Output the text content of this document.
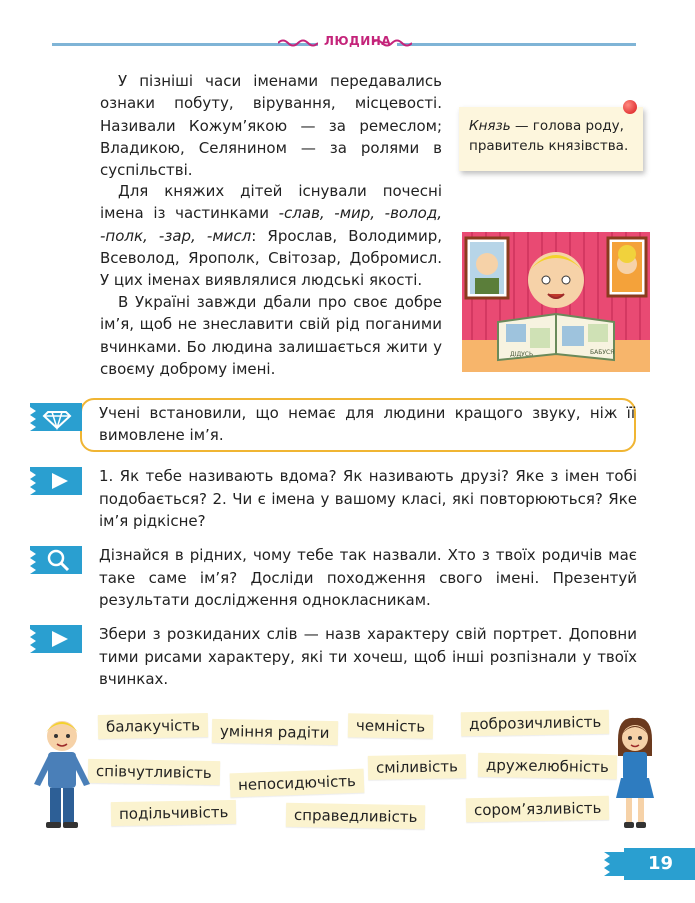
ЛЮДИНА

У пізніші часи іменами передавались ознаки побуту, вірування, місцевості. Називали Кожум’якою — за ремеслом; Владикою, Селянином — за ролями в суспільстві.

Для княжих дітей існували почесні імена із частинками -слав, -мир, -волод, -полк, -зар, -мисл: Ярослав, Володимир, Всеволод, Ярополк, Світозар, Добромисл. У цих іменах виявлялися людські якості.

В Україні завжди дбали про своє добре ім’я, щоб не знеславити свій рід поганими вчинками. Бо людина залишається жити у своєму доброму імені.

Князь — голова роду, правитель князівства.
ДІДУСЬ	БАБУСЯ

Учені встановили, що немає для людини кращого звуку, ніж її вимовлене ім’я.

1. Як тебе називають вдома? Як називають друзі? Яке з імен тобі подобається? 2. Чи є імена у вашому класі, які повторюються? Яке ім’я рідкісне?

Дізнайся в рідних, чому тебе так назвали. Хто з твоїх родичів має таке саме ім’я? Досліди походження свого імені. Презентуй результати дослідження однокласникам.

Збери з розкиданих слів — назв характеру свій портрет. Доповни тими рисами характеру, які ти хочеш, щоб інші розпізнали у твоїх вчинках.

балакучість	уміння радіти	чемність	доброзичливість
співчутливість	непосидючість
сміливість	дружелюбність
подільчивість	справедливість	сором’язливість
19
